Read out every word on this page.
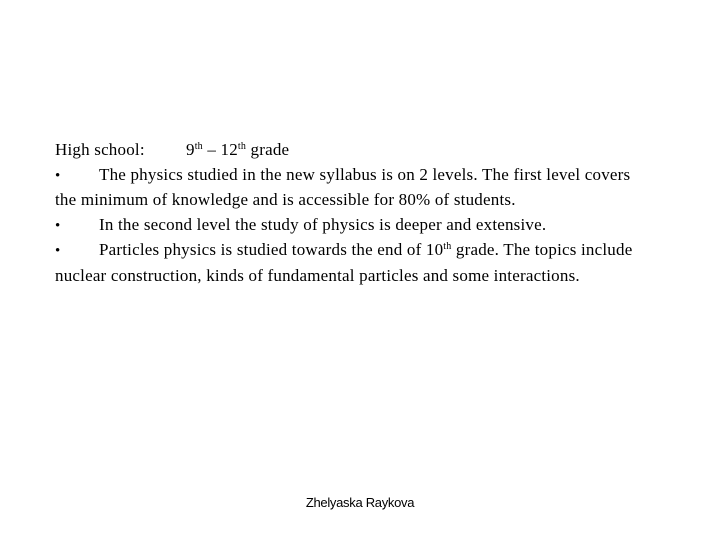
High school: 9th – 12th grade
• The physics studied in the new syllabus is on 2 levels. The first level covers the minimum of knowledge and is accessible for 80% of students.
• In the second level the study of physics is deeper and extensive.
• Particles physics is studied towards the end of 10th grade. The topics include nuclear construction, kinds of fundamental particles and some interactions.
Zhelyaska Raykova
